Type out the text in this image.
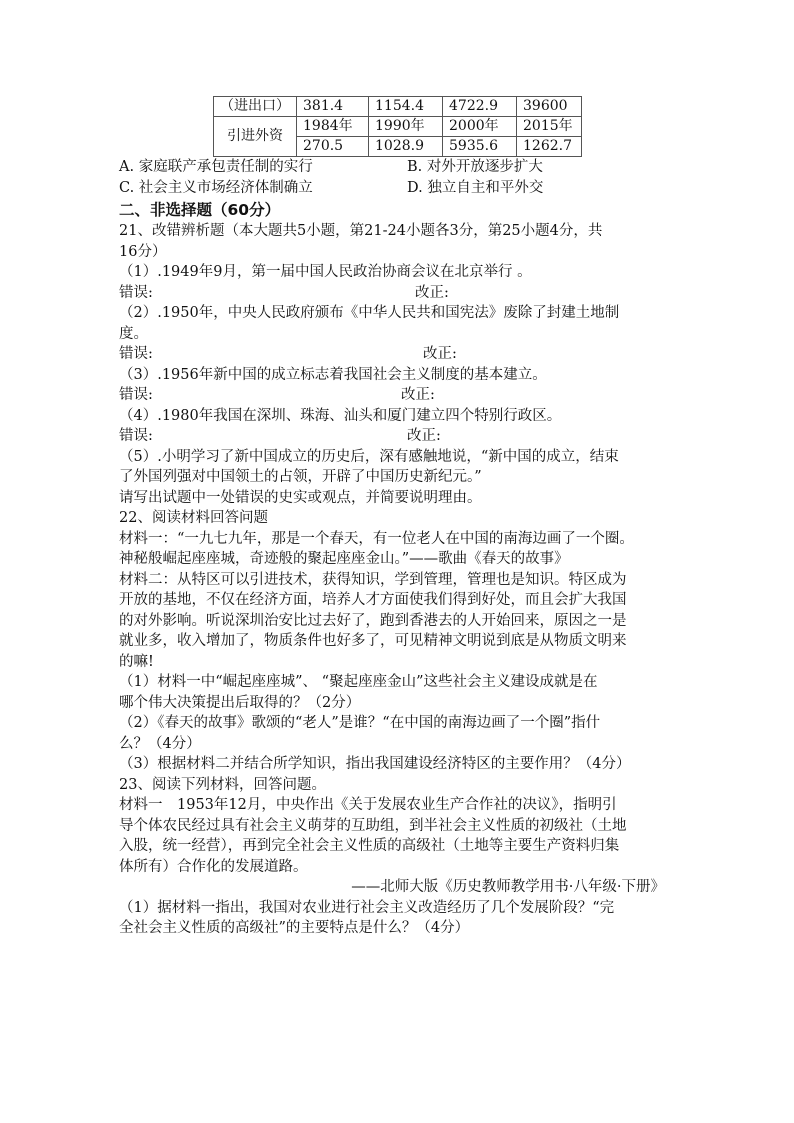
（进出口）	381.4	1154.4	4722.9	39600
引进外资	1984年	1990年	2000年	2015年
	270.5	1028.9	5935.6	1262.7
A. 家庭联产承包责任制的实行	B. 对外开放逐步扩大
C. 社会主义市场经济体制确立	D. 独立自主和平外交
二、非选择题（60分）
21、改错辨析题（本大题共5小题，第21-24小题各3分，第25小题4分，共
16分）
（1）.1949年9月，第一届中国人民政治协商会议在北京举行 。
错误:	改正:
（2）.1950年，中央人民政府颁布《中华人民共和国宪法》废除了封建土地制
度。
错误:	改正:
（3）.1956年新中国的成立标志着我国社会主义制度的基本建立。
错误:	改正:
（4）.1980年我国在深圳、珠海、汕头和厦门建立四个特别行政区。
错误:	改正:
（5）.小明学习了新中国成立的历史后，深有感触地说，“新中国的成立，结束
了外国列强对中国领土的占领，开辟了中国历史新纪元。”
请写出试题中一处错误的史实或观点，并简要说明理由。
22、阅读材料回答问题
材料一：“一九七九年，那是一个春天，有一位老人在中国的南海边画了一个圈。
神秘般崛起座座城，奇迹般的聚起座座金山。”——歌曲《春天的故事》
材料二：从特区可以引进技术，获得知识，学到管理，管理也是知识。特区成为
开放的基地，不仅在经济方面，培养人才方面使我们得到好处，而且会扩大我国
的对外影响。听说深圳治安比过去好了，跑到香港去的人开始回来，原因之一是
就业多，收入增加了，物质条件也好多了，可见精神文明说到底是从物质文明来
的嘛!
（1）材料一中“崛起座座城”、 “聚起座座金山”这些社会主义建设成就是在
哪个伟大决策提出后取得的？（2分）
（2）《春天的故事》歌颂的“老人”是谁？“在中国的南海边画了一个圈”指什
么？（4分）
（3）根据材料二并结合所学知识，指出我国建设经济特区的主要作用？（4分）
23、阅读下列材料，回答问题。
材料一　1953年12月，中央作出《关于发展农业生产合作社的决议》，指明引
导个体农民经过具有社会主义萌芽的互助组，到半社会主义性质的初级社（土地
入股，统一经营），再到完全社会主义性质的高级社（土地等主要生产资料归集
体所有）合作化的发展道路。
——北师大版《历史教师教学用书·八年级·下册》
（1）据材料一指出，我国对农业进行社会主义改造经历了几个发展阶段？“完
全社会主义性质的高级社”的主要特点是什么？（4分）
